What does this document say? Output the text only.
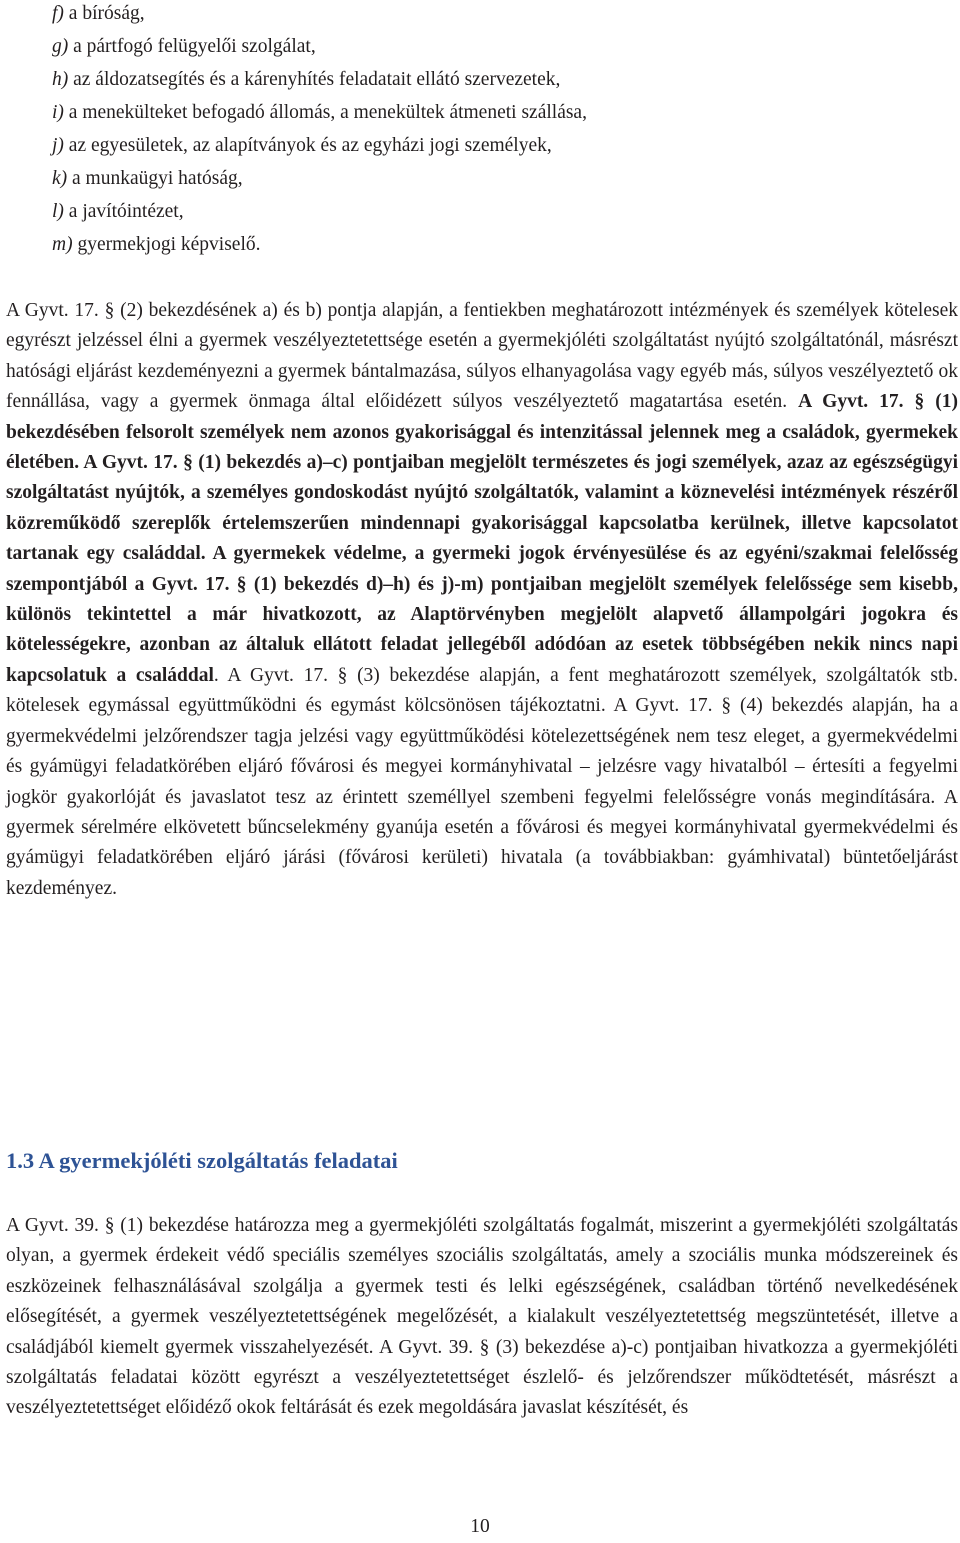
f) a bíróság,
g) a pártfogó felügyelői szolgálat,
h) az áldozatsegítés és a kárenyhítés feladatait ellátó szervezetek,
i) a menekülteket befogadó állomás, a menekültek átmeneti szállása,
j) az egyesületek, az alapítványok és az egyházi jogi személyek,
k) a munkaügyi hatóság,
l) a javítóintézet,
m) gyermekjogi képviselő.

A Gyvt. 17. § (2) bekezdésének a) és b) pontja alapján, a fentiekben meghatározott intézmények és személyek kötelesek egyrészt jelzéssel élni a gyermek veszélyeztetettsége esetén a gyermekjóléti szolgáltatást nyújtó szolgáltatónál, másrészt hatósági eljárást kezdeményezni a gyermek bántalmazása, súlyos elhanyagolása vagy egyéb más, súlyos veszélyeztető ok fennállása, vagy a gyermek önmaga által előidézett súlyos veszélyeztető magatartása esetén. A Gyvt. 17. § (1) bekezdésében felsorolt személyek nem azonos gyakorisággal és intenzitással jelennek meg a családok, gyermekek életében. A Gyvt. 17. § (1) bekezdés a)–c) pontjaiban megjelölt természetes és jogi személyek, azaz az egészségügyi szolgáltatást nyújtók, a személyes gondoskodást nyújtó szolgáltatók, valamint a köznevelési intézmények részéről közreműködő szereplők értelemszerűen mindennapi gyakorisággal kapcsolatba kerülnek, illetve kapcsolatot tartanak egy családdal. A gyermekek védelme, a gyermeki jogok érvényesülése és az egyéni/szakmai felelősség szempontjából a Gyvt. 17. § (1) bekezdés d)–h) és j)-m) pontjaiban megjelölt személyek felelőssége sem kisebb, különös tekintettel a már hivatkozott, az Alaptörvényben megjelölt alapvető állampolgári jogokra és kötelességekre, azonban az általuk ellátott feladat jellegéből adódóan az esetek többségében nekik nincs napi kapcsolatuk a családdal. A Gyvt. 17. § (3) bekezdése alapján, a fent meghatározott személyek, szolgáltatók stb. kötelesek egymással együttműködni és egymást kölcsönösen tájékoztatni. A Gyvt. 17. § (4) bekezdés alapján, ha a gyermekvédelmi jelzőrendszer tagja jelzési vagy együttműködési kötelezettségének nem tesz eleget, a gyermekvédelmi és gyámügyi feladatkörében eljáró fővárosi és megyei kormányhivatal – jelzésre vagy hivatalból – értesíti a fegyelmi jogkör gyakorlóját és javaslatot tesz az érintett személlyel szembeni fegyelmi felelősségre vonás megindítására. A gyermek sérelmére elkövetett bűncselekmény gyanúja esetén a fővárosi és megyei kormányhivatal gyermekvédelmi és gyámügyi feladatkörében eljáró járási (fővárosi kerületi) hivatala (a továbbiakban: gyámhivatal) büntetőeljárást kezdeményez.

1.3 A gyermekjóléti szolgáltatás feladatai

A Gyvt. 39. § (1) bekezdése határozza meg a gyermekjóléti szolgáltatás fogalmát, miszerint a gyermekjóléti szolgáltatás olyan, a gyermek érdekeit védő speciális személyes szociális szolgáltatás, amely a szociális munka módszereinek és eszközeinek felhasználásával szolgálja a gyermek testi és lelki egészségének, családban történő nevelkedésének elősegítését, a gyermek veszélyeztetettségének megelőzését, a kialakult veszélyeztetettség megszüntetését, illetve a családjából kiemelt gyermek visszahelyezését. A Gyvt. 39. § (3) bekezdése a)-c) pontjaiban hivatkozza a gyermekjóléti szolgáltatás feladatai között egyrészt a veszélyeztetettséget észlelő- és jelzőrendszer működtetését, másrészt a veszélyeztetettséget előidéző okok feltárását és ezek megoldására javaslat készítését, és

10
